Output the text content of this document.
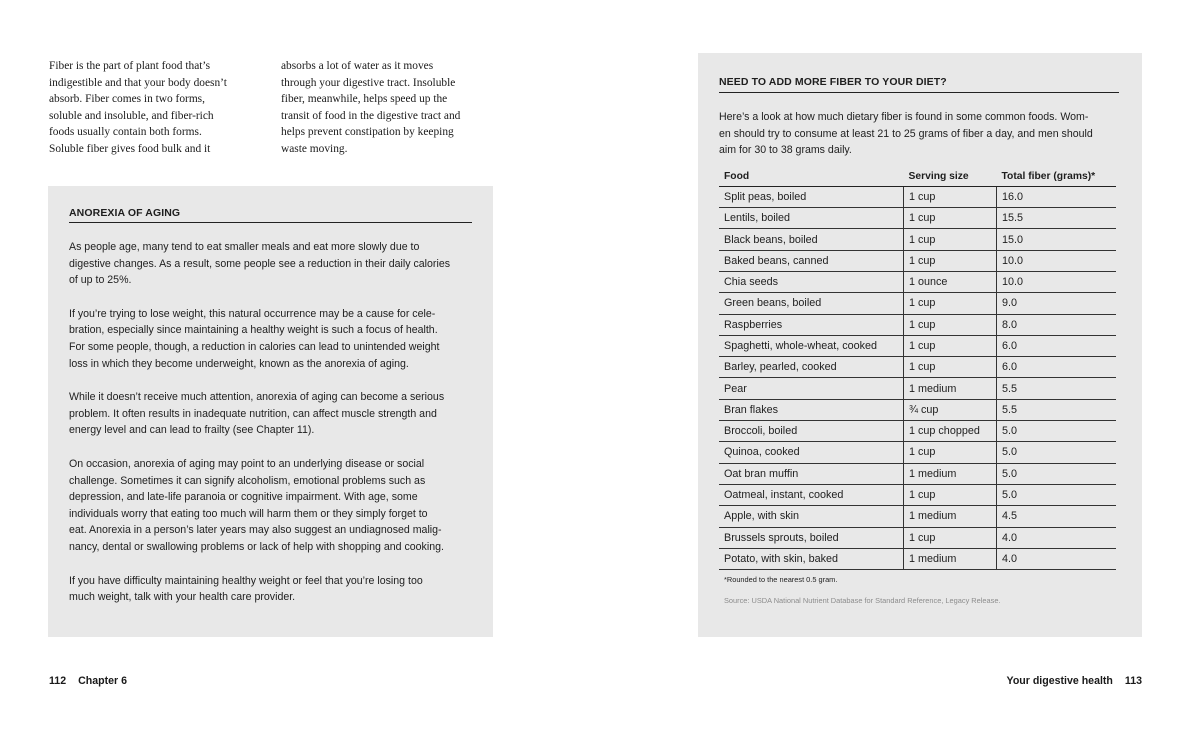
Fiber is the part of plant food that’s
indigestible and that your body doesn’t
absorb. Fiber comes in two forms,
soluble and insoluble, and fiber-rich
foods usually contain both forms.
Soluble fiber gives food bulk and it
absorbs a lot of water as it moves
through your digestive tract. Insoluble
fiber, meanwhile, helps speed up the
transit of food in the digestive tract and
helps prevent constipation by keeping
waste moving.
ANOREXIA OF AGING

As people age, many tend to eat smaller meals and eat more slowly due to
digestive changes. As a result, some people see a reduction in their daily calories
of up to 25%.

If you’re trying to lose weight, this natural occurrence may be a cause for cele-
bration, especially since maintaining a healthy weight is such a focus of health.
For some people, though, a reduction in calories can lead to unintended weight
loss in which they become underweight, known as the anorexia of aging.

While it doesn’t receive much attention, anorexia of aging can become a serious
problem. It often results in inadequate nutrition, can affect muscle strength and
energy level and can lead to frailty (see Chapter 11).

On occasion, anorexia of aging may point to an underlying disease or social
challenge. Sometimes it can signify alcoholism, emotional problems such as
depression, and late-life paranoia or cognitive impairment. With age, some
individuals worry that eating too much will harm them or they simply forget to
eat. Anorexia in a person’s later years may also suggest an undiagnosed malig-
nancy, dental or swallowing problems or lack of help with shopping and cooking.

If you have difficulty maintaining healthy weight or feel that you’re losing too
much weight, talk with your health care provider.

NEED TO ADD MORE FIBER TO YOUR DIET?
Here’s a look at how much dietary fiber is found in some common foods. Wom-
en should try to consume at least 21 to 25 grams of fiber a day, and men should
aim for 30 to 38 grams daily.
Food	Serving size	Total fiber (grams)*
Split peas, boiled	1 cup	16.0
Lentils, boiled	1 cup	15.5
Black beans, boiled	1 cup	15.0
Baked beans, canned	1 cup	10.0
Chia seeds	1 ounce	10.0
Green beans, boiled	1 cup	9.0
Raspberries	1 cup	8.0
Spaghetti, whole-wheat, cooked	1 cup	6.0
Barley, pearled, cooked	1 cup	6.0
Pear	1 medium	5.5
Bran flakes	¾ cup	5.5
Broccoli, boiled	1 cup chopped	5.0
Quinoa, cooked	1 cup	5.0
Oat bran muffin	1 medium	5.0
Oatmeal, instant, cooked	1 cup	5.0
Apple, with skin	1 medium	4.5
Brussels sprouts, boiled	1 cup	4.0
Potato, with skin, baked	1 medium	4.0
*Rounded to the nearest 0.5 gram.
Source: USDA National Nutrient Database for Standard Reference, Legacy Release.
112 Chapter 6	Your digestive health 113
